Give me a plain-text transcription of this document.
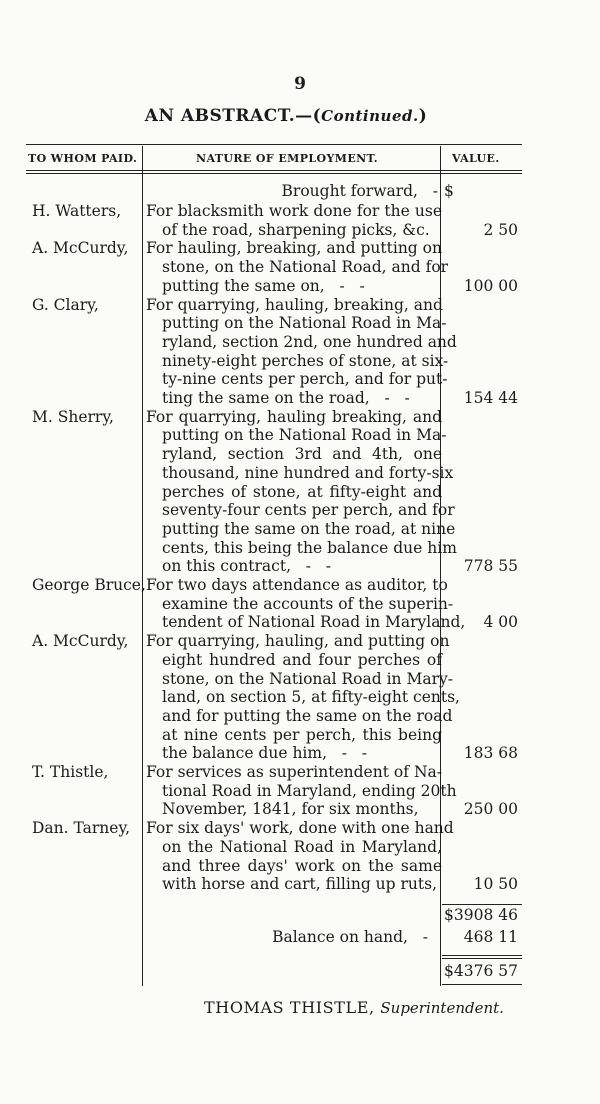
9
AN ABSTRACT.—(Continued.)
TO WHOM PAID.	NATURE OF EMPLOYMENT.	VALUE.
Brought forward,   - $
H. Watters, For blacksmith work done for the use
of the road, sharpening picks, &c.	2 50
A. McCurdy, For hauling, breaking, and putting on
stone, on the National Road, and for
putting the same on,   -   -	100 00
G. Clary,	For quarrying, hauling, breaking, and
putting on the National Road in Ma-
ryland, section 2nd, one hundred and
ninety-eight perches of stone, at six-
ty-nine cents per perch, and for put-
ting the same on the road,   -   -	154 44
M. Sherry, For quarrying, hauling breaking, and
putting on the National Road in Ma-
ryland, section 3rd and 4th, one
thousand, nine hundred and forty-six
perches of stone, at fifty-eight and
seventy-four cents per perch, and for
putting the same on the road, at nine
cents, this being the balance due him
on this contract,   -   -	778 55
George Bruce, For two days attendance as auditor, to
examine the accounts of the superin-
tendent of National Road in Maryland, 4 00
A. McCurdy, For quarrying, hauling, and putting on
eight hundred and four perches of
stone, on the National Road in Mary-
land, on section 5, at fifty-eight cents,
and for putting the same on the road
at nine cents per perch, this being
the balance due him,   -   -	183 68
T. Thistle, For services as superintendent of Na-
tional Road in Maryland, ending 20th
November, 1841, for six months,	250 00
Dan. Tarney, For six days' work, done with one hand
on the National Road in Maryland,
and three days' work on the same
with horse and cart, filling up ruts,	10 50
$3908 46
Balance on hand,   - 468 11
$4376 57
THOMAS THISTLE, Superintendent.
